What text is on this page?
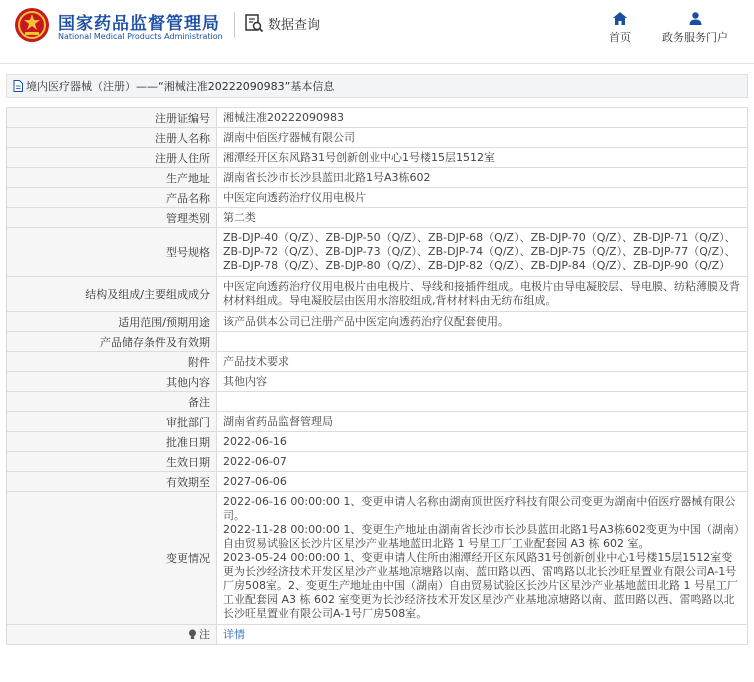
国家药品监督管理局
National Medical Products Administration
数据查询
首页	政务服务门户
境内医疗器械（注册）——“湘械注准20222090983”基本信息
注册证编号	湘械注准20222090983
注册人名称	湖南中佰医疗器械有限公司
注册人住所	湘潭经开区东风路31号创新创业中心1号楼15层1512室
生产地址	湖南省长沙市长沙县蓝田北路1号A3栋602
产品名称	中医定向透药治疗仪用电极片
管理类别	第二类
型号规格	ZB-DJP-40（Q/Z）、ZB-DJP-50（Q/Z）、ZB-DJP-68（Q/Z）、ZB-DJP-70（Q/Z）、ZB-DJP-71（Q/Z）、ZB-DJP-72（Q/Z）、ZB-DJP-73（Q/Z）、ZB-DJP-74（Q/Z）、ZB-DJP-75（Q/Z）、ZB-DJP-77（Q/Z）、ZB-DJP-78（Q/Z）、ZB-DJP-80（Q/Z）、ZB-DJP-82（Q/Z）、ZB-DJP-84（Q/Z）、ZB-DJP-90（Q/Z）
结构及组成/主要组成成分	中医定向透药治疗仪用电极片由电极片、导线和接插件组成。电极片由导电凝胶层、导电膜、纺粘薄膜及背材材料组成。导电凝胶层由医用水溶胶组成,背材材料由无纺布组成。
适用范围/预期用途	该产品供本公司已注册产品中医定向透药治疗仪配套使用。
产品储存条件及有效期	
附件	产品技术要求
其他内容	其他内容
备注	
审批部门	湖南省药品监督管理局
批准日期	2022-06-16
生效日期	2022-06-07
有效期至	2027-06-06
变更情况	2022-06-16 00:00:00 1、变更申请人名称由湖南顶世医疗科技有限公司变更为湖南中佰医疗器械有限公司。
2022-11-28 00:00:00 1、变更生产地址由湖南省长沙市长沙县蓝田北路1号A3栋602变更为中国（湖南）自由贸易试验区长沙片区星沙产业基地蓝田北路 1 号星工厂工业配套园 A3 栋 602 室。
2023-05-24 00:00:00 1、变更申请人住所由湘潭经开区东风路31号创新创业中心1号楼15层1512室变更为长沙经济技术开发区星沙产业基地凉塘路以南、蓝田路以西、雷鸣路以北长沙旺星置业有限公司A-1号厂房508室。2、变更生产地址由中国（湖南）自由贸易试验区长沙片区星沙产业基地蓝田北路 1 号星工厂工业配套园 A3 栋 602 室变更为长沙经济技术开发区星沙产业基地凉塘路以南、蓝田路以西、雷鸣路以北长沙旺星置业有限公司A-1号厂房508室。

注	详情
